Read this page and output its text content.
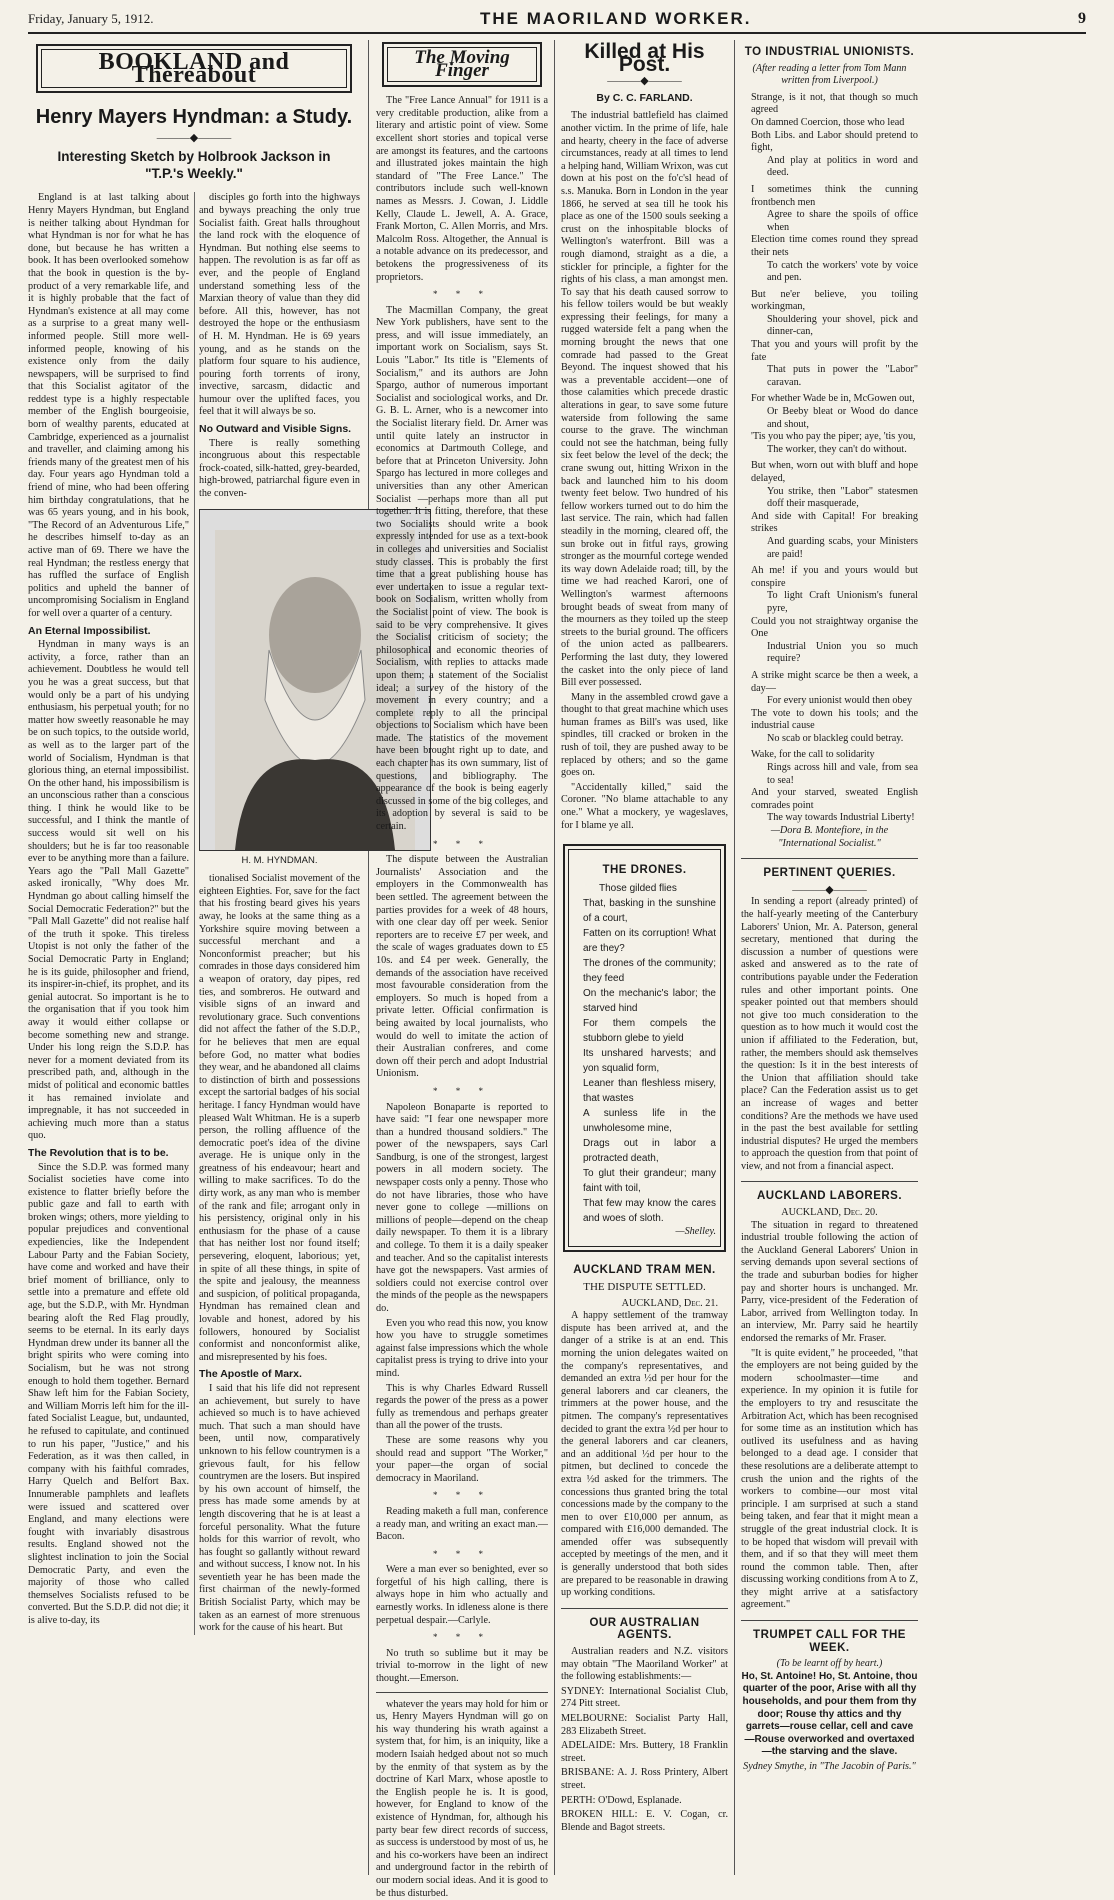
Friday, January 5, 1912.	THE MAORILAND WORKER.	9
BOOKLAND and Thereabout
Henry Mayers Hyndman: a Study.
———◆———
Interesting Sketch by Holbrook Jackson in "T.P.'s Weekly."

England is at last talking about Henry Mayers Hyndman, but England is neither talking about Hyndman for what Hyndman is nor for what he has done, but because he has written a book. It has been overlooked somehow that the book in question is the by-product of a very remarkable life, and it is highly probable that the fact of Hyndman's existence at all may come as a surprise to a great many well-informed people. Still more well-informed people, knowing of his existence only from the daily newspapers, will be surprised to find that this Socialist agitator of the reddest type is a highly respectable member of the English bourgeoisie, born of wealthy parents, educated at Cambridge, experienced as a journalist and traveller, and claiming among his friends many of the greatest men of his day. Four years ago Hyndman told a friend of mine, who had been offering him birthday congratulations, that he was 65 years young, and in his book, "The Record of an Adventurous Life," he describes himself to-day as an active man of 69. There we have the real Hyndman; the restless energy that has ruffled the surface of English politics and upheld the banner of uncompromising Socialism in England for well over a quarter of a century.

An Eternal Impossibilist.

Hyndman in many ways is an activity, a force, rather than an achievement. Doubtless he would tell you he was a great success, but that would only be a part of his undying enthusiasm, his perpetual youth; for no matter how sweetly reasonable he may be on such topics, to the outside world, as well as to the larger part of the world of Socialism, Hyndman is that glorious thing, an eternal impossibilist. On the other hand, his impossibilism is an unconscious rather than a conscious thing. I think he would like to be successful, and I think the mantle of success would sit well on his shoulders; but he is far too reasonable ever to be anything more than a failure. Years ago the "Pall Mall Gazette" asked ironically, "Why does Mr. Hyndman go about calling himself the Social Democratic Federation?" but the "Pall Mall Gazette" did not realise half of the truth it spoke. This tireless Utopist is not only the father of the Social Democratic Party in England; he is its guide, philosopher and friend, its inspirer-in-chief, its prophet, and its genial autocrat. So important is he to the organisation that if you took him away it would either collapse or become something new and strange. Under his long reign the S.D.P. has never for a moment deviated from its prescribed path, and, although in the midst of political and economic battles it has remained inviolate and impregnable, it has not succeeded in achieving much more than a status quo.

The Revolution that is to be.

Since the S.D.P. was formed many Socialist societies have come into existence to flatter briefly before the public gaze and fall to earth with broken wings; others, more yielding to popular prejudices and conventional expediencies, like the Independent Labour Party and the Fabian Society, have come and worked and have their brief moment of brilliance, only to settle into a premature and effete old age, but the S.D.P., with Mr. Hyndman bearing aloft the Red Flag proudly, seems to be eternal. In its early days Hyndman drew under its banner all the bright spirits who were coming into Socialism, but he was not strong enough to hold them together. Bernard Shaw left him for the Fabian Society, and William Morris left him for the ill-fated Socialist League, but, undaunted, he refused to capitulate, and continued to run his paper, "Justice," and his Federation, as it was then called, in company with his faithful comrades, Harry Quelch and Belfort Bax. Innumerable pamphlets and leaflets were issued and scattered over England, and many elections were fought with invariably disastrous results. England showed not the slightest inclination to join the Social Democratic Party, and even the majority of those who called themselves Socialists refused to be converted. But the S.D.P. did not die; it is alive to-day, its

disciples go forth into the highways and byways preaching the only true Socialist faith. Great halls throughout the land rock with the eloquence of Hyndman. But nothing else seems to happen. The revolution is as far off as ever, and the people of England understand something less of the Marxian theory of value than they did before. All this, however, has not destroyed the hope or the enthusiasm of H. M. Hyndman. He is 69 years young, and as he stands on the platform four square to his audience, pouring forth torrents of irony, invective, sarcasm, didactic and humour over the uplifted faces, you feel that it will always be so.

No Outward and Visible Signs.

There is really something incongruous about this respectable frock-coated, silk-hatted, grey-bearded, high-browed, patriarchal figure even in the conven-

H. M. HYNDMAN.

tionalised Socialist movement of the eighteen Eighties. For, save for the fact that his frosting beard gives his years away, he looks at the same thing as a Yorkshire squire moving between a successful merchant and a Nonconformist preacher; but his comrades in those days considered him a weapon of oratory, day pipes, red ties, and sombreros. He outward and visible signs of an inward and revolutionary grace. Such conventions did not affect the father of the S.D.P., for he believes that men are equal before God, no matter what bodies they wear, and he abandoned all claims to distinction of birth and possessions except the sartorial badges of his social heritage. I fancy Hyndman would have pleased Walt Whitman. He is a superb person, the rolling affluence of the democratic poet's idea of the divine average. He is unique only in the greatness of his endeavour; heart and willing to make sacrifices. To do the dirty work, as any man who is member of the rank and file; arrogant only in his persistency, original only in his enthusiasm for the phase of a cause that has neither lost nor found itself; persevering, eloquent, laborious; yet, in spite of all these things, in spite of the spite and jealousy, the meanness and suspicion, of political propaganda, Hyndman has remained clean and lovable and honest, adored by his followers, honoured by Socialist conformist and nonconformist alike, and misrepresented by his foes.

The Apostle of Marx.

I said that his life did not represent an achievement, but surely to have achieved so much is to have achieved much. That such a man should have been, until now, comparatively unknown to his fellow countrymen is a grievous fault, for his fellow countrymen are the losers. But inspired by his own account of himself, the press has made some amends by at length discovering that he is at least a forceful personality. What the future holds for this warrior of revolt, who has fought so gallantly without reward and without success, I know not. In his seventieth year he has been made the first chairman of the newly-formed British Socialist Party, which may be taken as an earnest of more strenuous work for the cause of his heart. But

The Moving Finger

The "Free Lance Annual" for 1911 is a very creditable production, alike from a literary and artistic point of view. Some excellent short stories and topical verse are amongst its features, and the cartoons and illustrated jokes maintain the high standard of "The Free Lance." The contributors include such well-known names as Messrs. J. Cowan, J. Liddle Kelly, Claude L. Jewell, A. A. Grace, Frank Morton, C. Allen Morris, and Mrs. Malcolm Ross. Altogether, the Annual is a notable advance on its predecessor, and betokens the progressiveness of its proprietors.

* * *

The Macmillan Company, the great New York publishers, have sent to the press, and will issue immediately, an important work on Socialism, says St. Louis "Labor." Its title is "Elements of Socialism," and its authors are John Spargo, author of numerous important Socialist and sociological works, and Dr. G. B. L. Arner, who is a newcomer into the Socialist literary field. Dr. Arner was until quite lately an instructor in economics at Dartmouth College, and before that at Princeton University. John Spargo has lectured in more colleges and universities than any other American Socialist —perhaps more than all put together. It is fitting, therefore, that these two Socialists should write a book expressly intended for use as a text-book in colleges and universities and Socialist study classes. This is probably the first time that a great publishing house has ever undertaken to issue a regular text-book on Socialism, written wholly from the Socialist point of view. The book is said to be very comprehensive. It gives the Socialist criticism of society; the philosophical and economic theories of Socialism, with replies to attacks made upon them; a statement of the Socialist ideal; a survey of the history of the movement in every country; and a complete reply to all the principal objections to Socialism which have been made. The statistics of the movement have been brought right up to date, and each chapter has its own summary, list of questions, and bibliography. The appearance of the book is being eagerly discussed in some of the big colleges, and its adoption by several is said to be certain.

* * *

The dispute between the Australian Journalists' Association and the employers in the Commonwealth has been settled. The agreement between the parties provides for a week of 48 hours, with one clear day off per week. Senior reporters are to receive £7 per week, and the scale of wages graduates down to £5 10s. and £4 per week. Generally, the demands of the association have received most favourable consideration from the employers. So much is hoped from a private letter. Official confirmation is being awaited by local journalists, who would do well to imitate the action of their Australian confreres, and come down off their perch and adopt Industrial Unionism.

* * *

Napoleon Bonaparte is reported to have said: "I fear one newspaper more than a hundred thousand soldiers." The power of the newspapers, says Carl Sandburg, is one of the strongest, largest powers in all modern society. The newspaper costs only a penny. Those who do not have libraries, those who have never gone to college —millions on millions of people—depend on the cheap daily newspaper. To them it is a library and college. To them it is a daily speaker and teacher. And so the capitalist interests have got the newspapers. Vast armies of soldiers could not exercise control over the minds of the people as the newspapers do.

Even you who read this now, you know how you have to struggle sometimes against false impressions which the whole capitalist press is trying to drive into your mind.

This is why Charles Edward Russell regards the power of the press as a power fully as tremendous and perhaps greater than all the power of the trusts.

These are some reasons why you should read and support "The Worker," your paper—the organ of social democracy in Maoriland.

* * *

Reading maketh a full man, conference a ready man, and writing an exact man.—Bacon.

* * *

Were a man ever so benighted, ever so forgetful of his high calling, there is always hope in him who actually and earnestly works. In idleness alone is there perpetual despair.—Carlyle.

* * *

No truth so sublime but it may be trivial to-morrow in the light of new thought.—Emerson.

whatever the years may hold for him or us, Henry Mayers Hyndman will go on his way thundering his wrath against a system that, for him, is an iniquity, like a modern Isaiah hedged about not so much by the enmity of that system as by the doctrine of Karl Marx, whose apostle to the English people he is. It is good, however, for England to know of the existence of Hyndman, for, although his party bear few direct records of success, as success is understood by most of us, he and his co-workers have been an indirect and underground factor in the rebirth of our modern social ideas. And it is good to be thus disturbed.

Killed at His Post.
———◆———
By C. C. FARLAND.

The industrial battlefield has claimed another victim. In the prime of life, hale and hearty, cheery in the face of adverse circumstances, ready at all times to lend a helping hand, William Wrixon, was cut down at his post on the fo'c'sl head of s.s. Manuka. Born in London in the year 1866, he served at sea till he took his place as one of the 1500 souls seeking a crust on the inhospitable blocks of Wellington's waterfront. Bill was a rough diamond, straight as a die, a stickler for principle, a fighter for the rights of his class, a man amongst men. To say that his death caused sorrow to his fellow toilers would be but weakly expressing their feelings, for many a rugged waterside felt a pang when the morning brought the news that one comrade had passed to the Great Beyond. The inquest showed that his was a preventable accident—one of those calamities which precede drastic alterations in gear, to save some future waterside from following the same course to the grave. The winchman could not see the hatchman, being fully six feet below the level of the deck; the crane swung out, hitting Wrixon in the back and launched him to his doom twenty feet below. Two hundred of his fellow workers turned out to do him the last service. The rain, which had fallen steadily in the morning, cleared off, the sun broke out in fitful rays, growing stronger as the mournful cortege wended its way down Adelaide road; till, by the time we had reached Karori, one of Wellington's warmest afternoons brought beads of sweat from many of the mourners as they toiled up the steep streets to the burial ground. The officers of the union acted as pallbearers. Performing the last duty, they lowered the casket into the only piece of land Bill ever possessed.

Many in the assembled crowd gave a thought to that great machine which uses human frames as Bill's was used, like spindles, till cracked or broken in the rush of toil, they are pushed away to be replaced by others; and so the game goes on.

"Accidentally killed," said the Coroner. "No blame attachable to any one." What a mockery, ye wageslaves, for I blame ye all.

THE DRONES.

Those gilded flies

That, basking in the sunshine of a court,

Fatten on its corruption! What are they?

The drones of the community; they feed

On the mechanic's labor; the starved hind

For them compels the stubborn glebe to yield

Its unshared harvests; and yon squalid form,

Leaner than fleshless misery, that wastes

A sunless life in the unwholesome mine,

Drags out in labor a protracted death,

To glut their grandeur; many faint with toil,

That few may know the cares and woes of sloth.

—Shelley.

AUCKLAND TRAM MEN.
THE DISPUTE SETTLED.
AUCKLAND, Dec. 21.

A happy settlement of the tramway dispute has been arrived at, and the danger of a strike is at an end. This morning the union delegates waited on the company's representatives, and demanded an extra ½d per hour for the general laborers and car cleaners, the trimmers at the power house, and the pitmen. The company's representatives decided to grant the extra ½d per hour to the general laborers and car cleaners, and an additional ½d per hour to the pitmen, but declined to concede the extra ½d asked for the trimmers. The concessions thus granted bring the total concessions made by the company to the men to over £10,000 per annum, as compared with £16,000 demanded. The amended offer was subsequently accepted by meetings of the men, and it is generally understood that both sides are prepared to be reasonable in drawing up working conditions.

OUR AUSTRALIAN AGENTS.

Australian readers and N.Z. visitors may obtain "The Maoriland Worker" at the following establishments:—

SYDNEY: International Socialist Club, 274 Pitt street.

MELBOURNE: Socialist Party Hall, 283 Elizabeth Street.

ADELAIDE: Mrs. Buttery, 18 Franklin street.

BRISBANE: A. J. Ross Printery, Albert street.

PERTH: O'Dowd, Esplanade.

BROKEN HILL: E. V. Cogan, cr. Blende and Bagot streets.

TO INDUSTRIAL UNIONISTS.
(After reading a letter from Tom Mann written from Liverpool.)

Strange, is it not, that though so much agreed

On damned Coercion, those who lead

Both Libs. and Labor should pretend to fight,

And play at politics in word and deed.

I sometimes think the cunning frontbench men

Agree to share the spoils of office when

Election time comes round they spread their nets

To catch the workers' vote by voice and pen.

But ne'er believe, you toiling workingman,

Shouldering your shovel, pick and dinner-can,

That you and yours will profit by the fate

That puts in power the "Labor" caravan.

For whether Wade be in, McGowen out,

Or Beeby bleat or Wood do dance and shout,

'Tis you who pay the piper; aye, 'tis you,

The worker, they can't do without.

But when, worn out with bluff and hope delayed,

You strike, then "Labor" statesmen doff their masquerade,

And side with Capital! For breaking strikes

And guarding scabs, your Ministers are paid!

Ah me! if you and yours would but conspire

To light Craft Unionism's funeral pyre,

Could you not straightway organise the One

Industrial Union you so much require?

A strike might scarce be then a week, a day—

For every unionist would then obey

The vote to down his tools; and the industrial cause

No scab or blackleg could betray.

Wake, for the call to solidarity

Rings across hill and vale, from sea to sea!

And your starved, sweated English comrades point

The way towards Industrial Liberty!

—Dora B. Montefiore, in the "International Socialist."

PERTINENT QUERIES.
———◆———

In sending a report (already printed) of the half-yearly meeting of the Canterbury Laborers' Union, Mr. A. Paterson, general secretary, mentioned that during the discussion a number of questions were asked and answered as to the rate of contributions payable under the Federation rules and other important points. One speaker pointed out that members should not give too much consideration to the question as to how much it would cost the union if affiliated to the Federation, but, rather, the members should ask themselves the question: Is it in the best interests of the Union that affiliation should take place? Can the Federation assist us to get an increase of wages and better conditions? Are the methods we have used in the past the best available for settling industrial disputes? He urged the members to approach the question from that point of view, and not from a financial aspect.

AUCKLAND LABORERS.
AUCKLAND, Dec. 20.

The situation in regard to threatened industrial trouble following the action of the Auckland General Laborers' Union in serving demands upon several sections of the trade and suburban bodies for higher pay and shorter hours is unchanged. Mr. Parry, vice-president of the Federation of Labor, arrived from Wellington today. In an interview, Mr. Parry said he heartily endorsed the remarks of Mr. Fraser.

"It is quite evident," he proceeded, "that the employers are not being guided by the modern schoolmaster—time and experience. In my opinion it is futile for the employers to try and resuscitate the Arbitration Act, which has been recognised for some time as an institution which has outlived its usefulness and as having belonged to a dead age. I consider that these resolutions are a deliberate attempt to crush the union and the rights of the workers to combine—our most vital principle. I am surprised at such a stand being taken, and fear that it might mean a struggle of the great industrial clock. It is to be hoped that wisdom will prevail with them, and if so that they will meet them round the common table. Then, after discussing working conditions from A to Z, they might arrive at a satisfactory agreement."

TRUMPET CALL FOR THE WEEK.
(To be learnt off by heart.)

Ho, St. Antoine! Ho, St. Antoine, thou quarter of the poor, Arise with all thy households, and pour them from thy door; Rouse thy attics and thy garrets—rouse cellar, cell and cave—Rouse overworked and overtaxed—the starving and the slave.

Sydney Smythe, in "The Jacobin of Paris."
